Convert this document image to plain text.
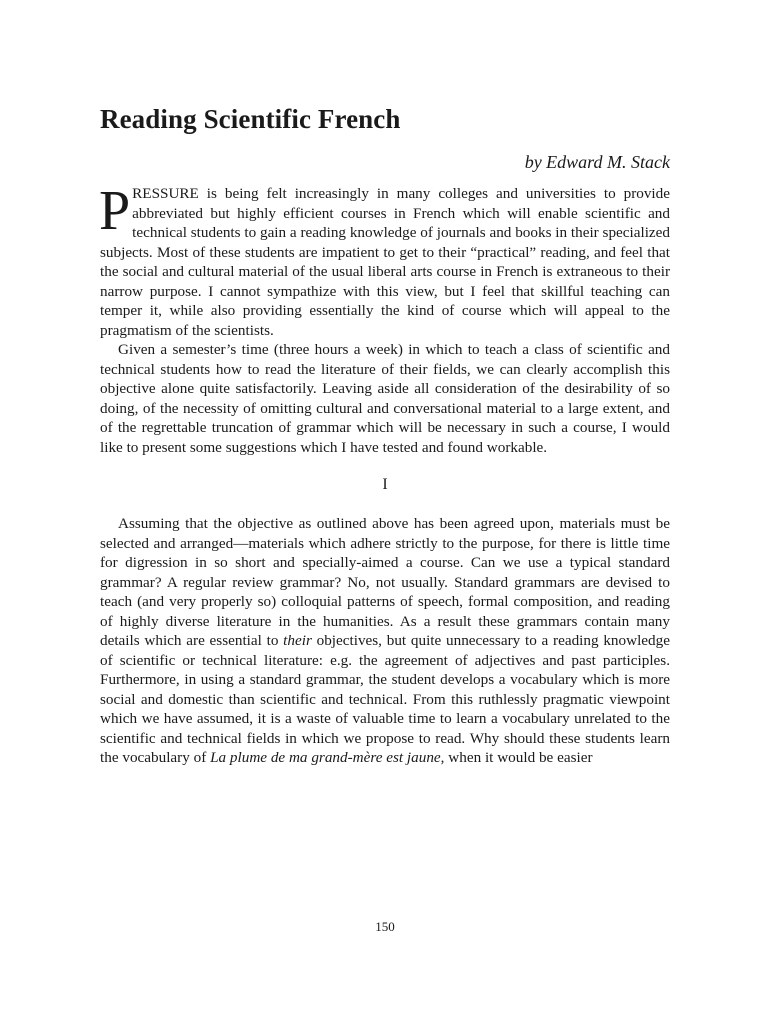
Reading Scientific French

by Edward M. Stack

PRESSURE is being felt increasingly in many colleges and universities to provide abbreviated but highly efficient courses in French which will enable scientific and technical students to gain a reading knowledge of journals and books in their specialized subjects. Most of these students are impatient to get to their “practical” reading, and feel that the social and cultural material of the usual liberal arts course in French is extraneous to their narrow purpose. I cannot sympathize with this view, but I feel that skillful teaching can temper it, while also providing essentially the kind of course which will appeal to the pragmatism of the scientists.

Given a semester’s time (three hours a week) in which to teach a class of scientific and technical students how to read the literature of their fields, we can clearly accomplish this objective alone quite satisfactorily. Leaving aside all consideration of the desirability of so doing, of the necessity of omitting cultural and conversational material to a large extent, and of the regrettable truncation of grammar which will be necessary in such a course, I would like to present some suggestions which I have tested and found workable.

I

Assuming that the objective as outlined above has been agreed upon, materials must be selected and arranged—materials which adhere strictly to the purpose, for there is little time for digression in so short and specially-aimed a course. Can we use a typical standard grammar? A regular review grammar? No, not usually. Standard grammars are devised to teach (and very properly so) colloquial patterns of speech, formal composition, and reading of highly diverse literature in the humanities. As a result these grammars contain many details which are essential to their objectives, but quite unnecessary to a reading knowledge of scientific or technical literature: e.g. the agreement of adjectives and past participles. Furthermore, in using a standard grammar, the student develops a vocabulary which is more social and domestic than scientific and technical. From this ruthlessly pragmatic viewpoint which we have assumed, it is a waste of valuable time to learn a vocabulary unrelated to the scientific and technical fields in which we propose to read. Why should these students learn the vocabulary of La plume de ma grand-mère est jaune, when it would be easier

150
